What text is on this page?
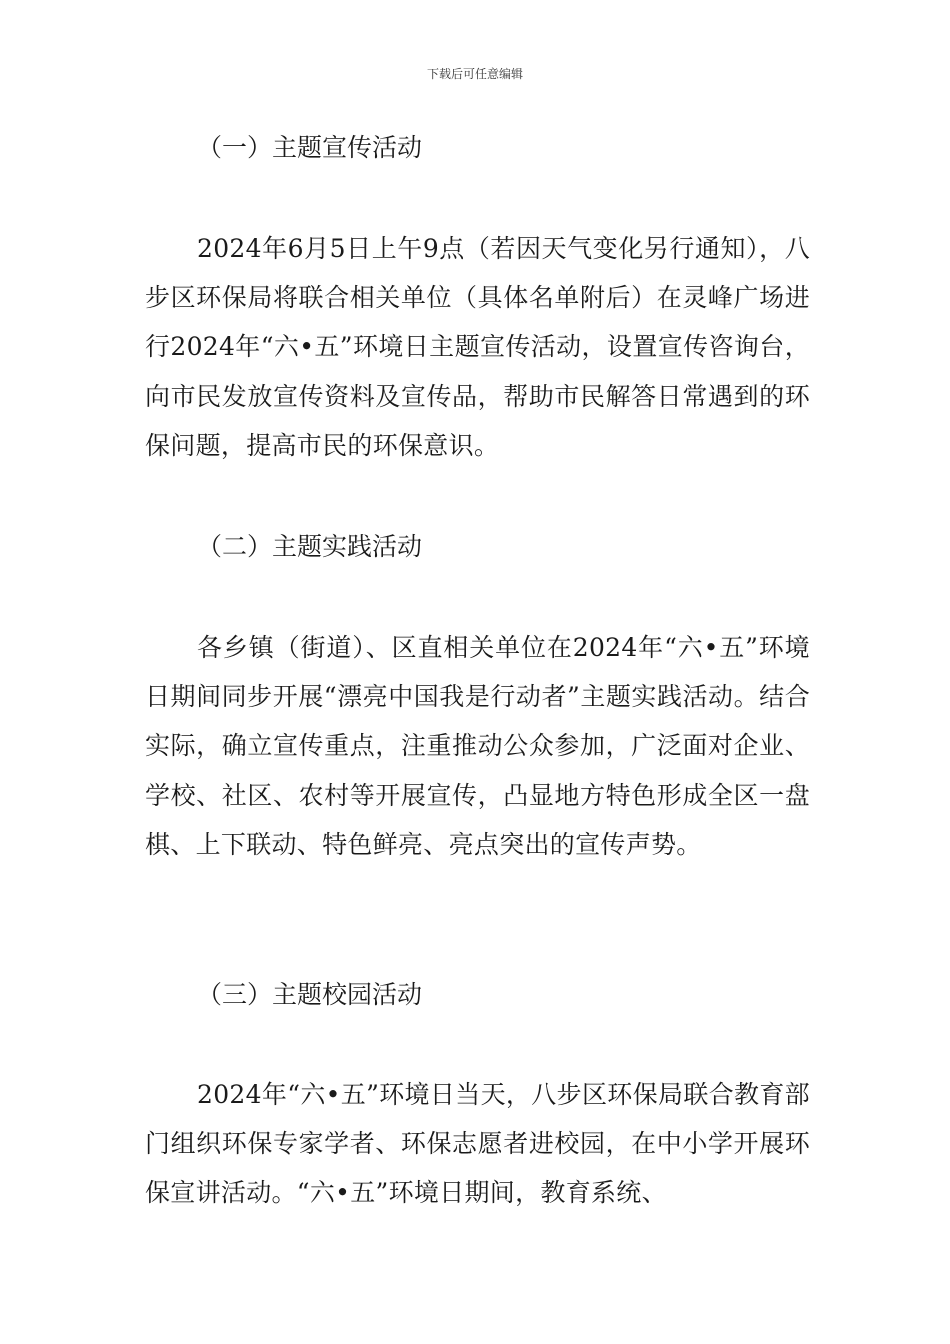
下载后可任意编辑
（一）主题宣传活动
2024年6月5日上午9点（若因天气变化另行通知），八步区环保局将联合相关单位（具体名单附后）在灵峰广场进行2024年“六•五”环境日主题宣传活动，设置宣传咨询台，向市民发放宣传资料及宣传品，帮助市民解答日常遇到的环保问题，提高市民的环保意识。
（二）主题实践活动
各乡镇（街道）、区直相关单位在2024年“六•五”环境日期间同步开展“漂亮中国我是行动者”主题实践活动。结合实际，确立宣传重点，注重推动公众参加，广泛面对企业、学校、社区、农村等开展宣传，凸显地方特色形成全区一盘棋、上下联动、特色鲜亮、亮点突出的宣传声势。
（三）主题校园活动
2024年“六•五”环境日当天，八步区环保局联合教育部门组织环保专家学者、环保志愿者进校园，在中小学开展环保宣讲活动。“六•五”环境日期间，教育系统、
